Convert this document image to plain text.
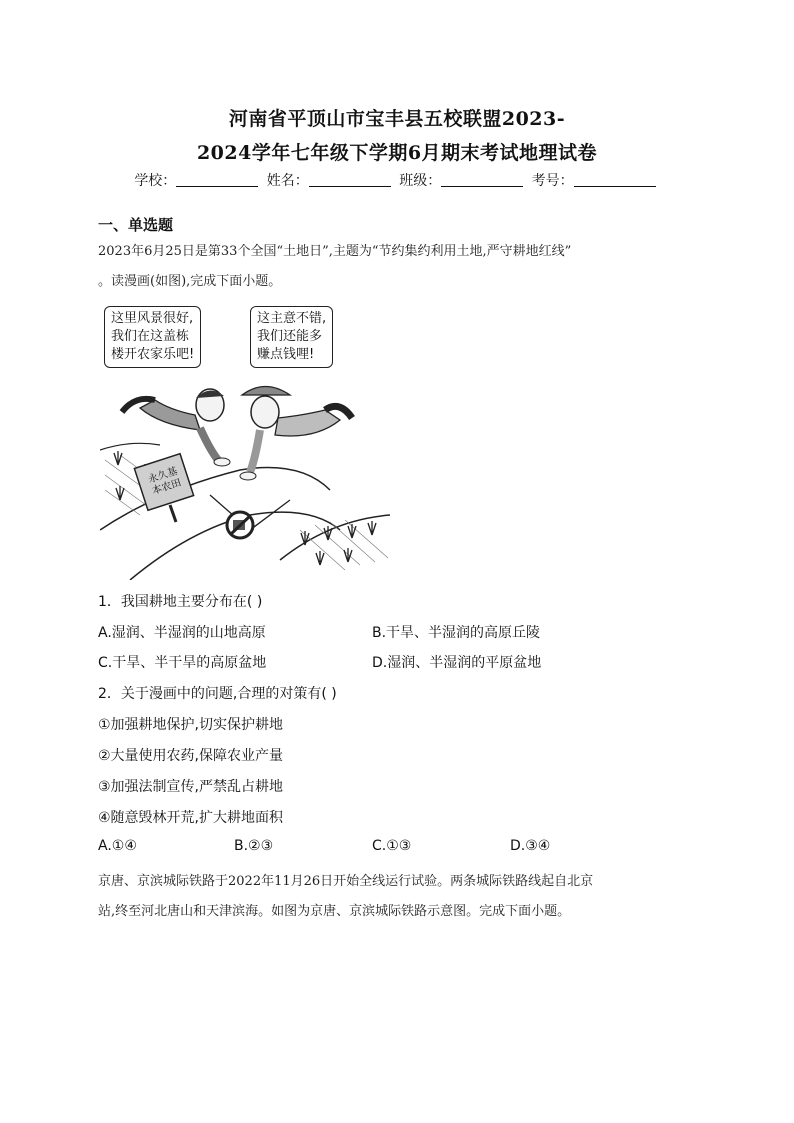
河南省平顶山市宝丰县五校联盟2023-
2024学年七年级下学期6月期末考试地理试卷
学校：	姓名：	班级：	考号：
一、单选题
2023年6月25日是第33个全国“土地日”,主题为“节约集约利用土地,严守耕地红线”
。读漫画(如图),完成下面小题。
这里风景很好,
我们在这盖栋
楼开农家乐吧!
这主意不错,
我们还能多
赚点钱哩!
永久基
本农田
1．我国耕地主要分布在( )
A.湿润、半湿润的山地高原	B.干旱、半湿润的高原丘陵
C.干旱、半干旱的高原盆地	D.湿润、半湿润的平原盆地
2．关于漫画中的问题,合理的对策有( )
①加强耕地保护,切实保护耕地
②大量使用农药,保障农业产量
③加强法制宣传,严禁乱占耕地
④随意毁林开荒,扩大耕地面积
A.①④	B.②③	C.①③	D.③④
京唐、京滨城际铁路于2022年11月26日开始全线运行试验。两条城际铁路线起自北京
站,终至河北唐山和天津滨海。如图为京唐、京滨城际铁路示意图。完成下面小题。
